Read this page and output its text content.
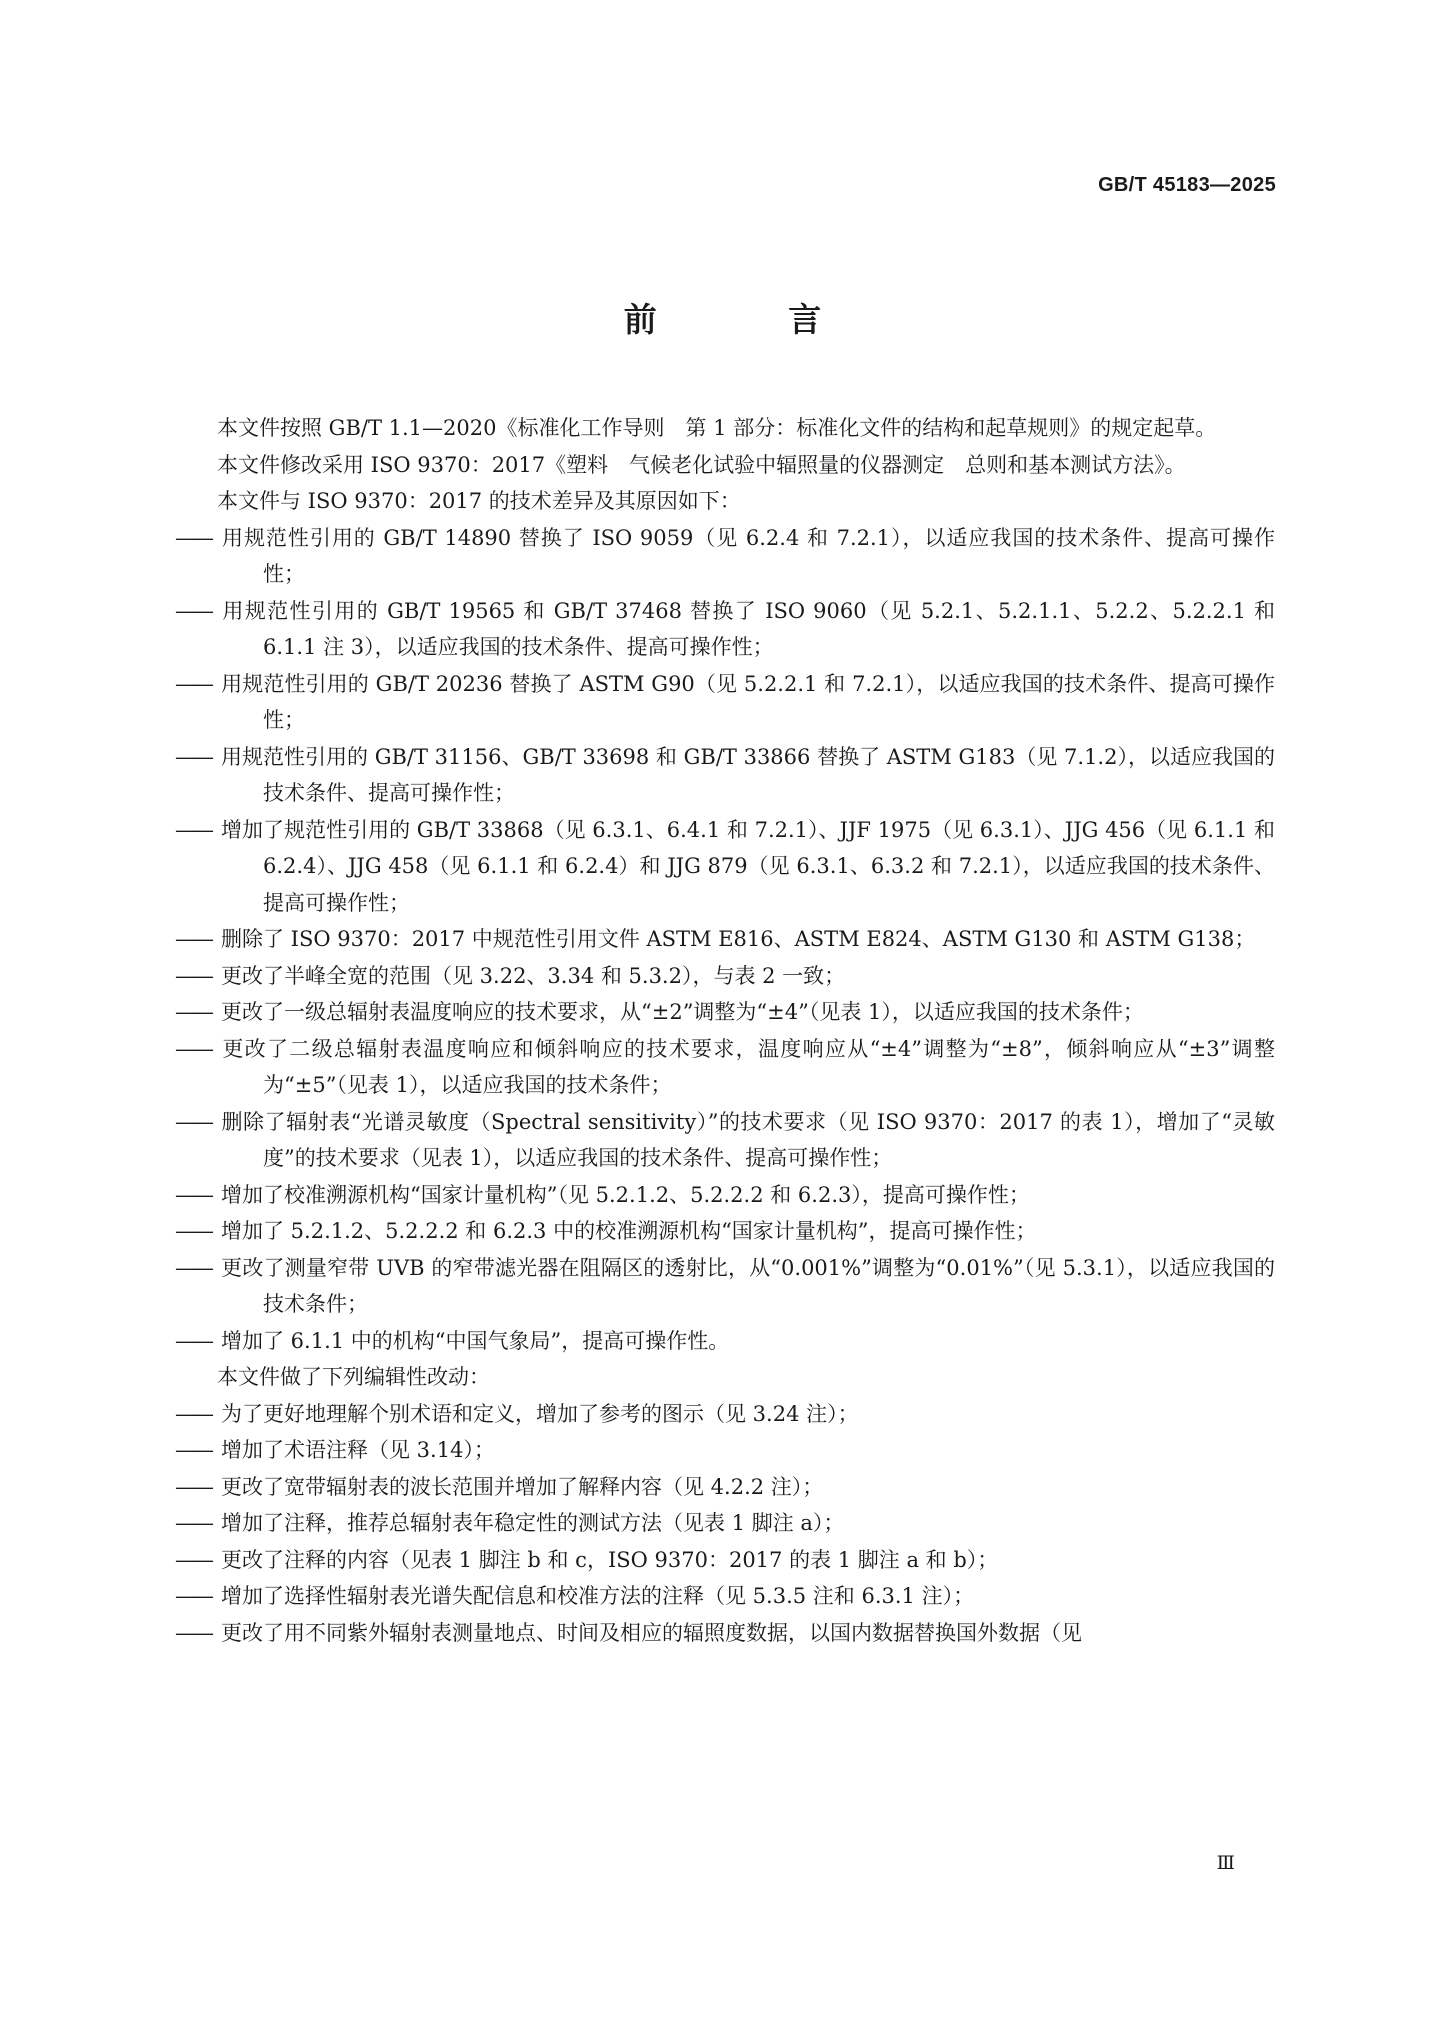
GB/T 45183—2025
前 言

本文件按照 GB/T 1.1—2020《标准化工作导则　第 1 部分：标准化文件的结构和起草规则》的规定起草。

本文件修改采用 ISO 9370：2017《塑料　气候老化试验中辐照量的仪器测定　总则和基本测试方法》。

本文件与 ISO 9370：2017 的技术差异及其原因如下：

—— 用规范性引用的 GB/T 14890 替换了 ISO 9059（见 6.2.4 和 7.2.1），以适应我国的技术条件、提高可操作性；

—— 用规范性引用的 GB/T 19565 和 GB/T 37468 替换了 ISO 9060（见 5.2.1、5.2.1.1、5.2.2、5.2.2.1 和 6.1.1 注 3），以适应我国的技术条件、提高可操作性；

—— 用规范性引用的 GB/T 20236 替换了 ASTM G90（见 5.2.2.1 和 7.2.1），以适应我国的技术条件、提高可操作性；

—— 用规范性引用的 GB/T 31156、GB/T 33698 和 GB/T 33866 替换了 ASTM G183（见 7.1.2），以适应我国的技术条件、提高可操作性；

—— 增加了规范性引用的 GB/T 33868（见 6.3.1、6.4.1 和 7.2.1）、JJF 1975（见 6.3.1）、JJG 456（见 6.1.1 和 6.2.4）、JJG 458（见 6.1.1 和 6.2.4）和 JJG 879（见 6.3.1、6.3.2 和 7.2.1），以适应我国的技术条件、提高可操作性；

—— 删除了 ISO 9370：2017 中规范性引用文件 ASTM E816、ASTM E824、ASTM G130 和 ASTM G138；

—— 更改了半峰全宽的范围（见 3.22、3.34 和 5.3.2），与表 2 一致；

—— 更改了一级总辐射表温度响应的技术要求，从“±2”调整为“±4”（见表 1），以适应我国的技术条件；

—— 更改了二级总辐射表温度响应和倾斜响应的技术要求，温度响应从“±4”调整为“±8”，倾斜响应从“±3”调整为“±5”（见表 1），以适应我国的技术条件；

—— 删除了辐射表“光谱灵敏度（Spectral sensitivity）”的技术要求（见 ISO 9370：2017 的表 1），增加了“灵敏度”的技术要求（见表 1），以适应我国的技术条件、提高可操作性；

—— 增加了校准溯源机构“国家计量机构”（见 5.2.1.2、5.2.2.2 和 6.2.3），提高可操作性；

—— 增加了 5.2.1.2、5.2.2.2 和 6.2.3 中的校准溯源机构“国家计量机构”，提高可操作性；

—— 更改了测量窄带 UVB 的窄带滤光器在阻隔区的透射比，从“0.001%”调整为“0.01%”（见 5.3.1），以适应我国的技术条件；

—— 增加了 6.1.1 中的机构“中国气象局”，提高可操作性。

本文件做了下列编辑性改动：

—— 为了更好地理解个别术语和定义，增加了参考的图示（见 3.24 注）；

—— 增加了术语注释（见 3.14）；

—— 更改了宽带辐射表的波长范围并增加了解释内容（见 4.2.2 注）；

—— 增加了注释，推荐总辐射表年稳定性的测试方法（见表 1 脚注 a）；

—— 更改了注释的内容（见表 1 脚注 b 和 c，ISO 9370：2017 的表 1 脚注 a 和 b）；

—— 增加了选择性辐射表光谱失配信息和校准方法的注释（见 5.3.5 注和 6.3.1 注）；

—— 更改了用不同紫外辐射表测量地点、时间及相应的辐照度数据，以国内数据替换国外数据（见

Ⅲ
